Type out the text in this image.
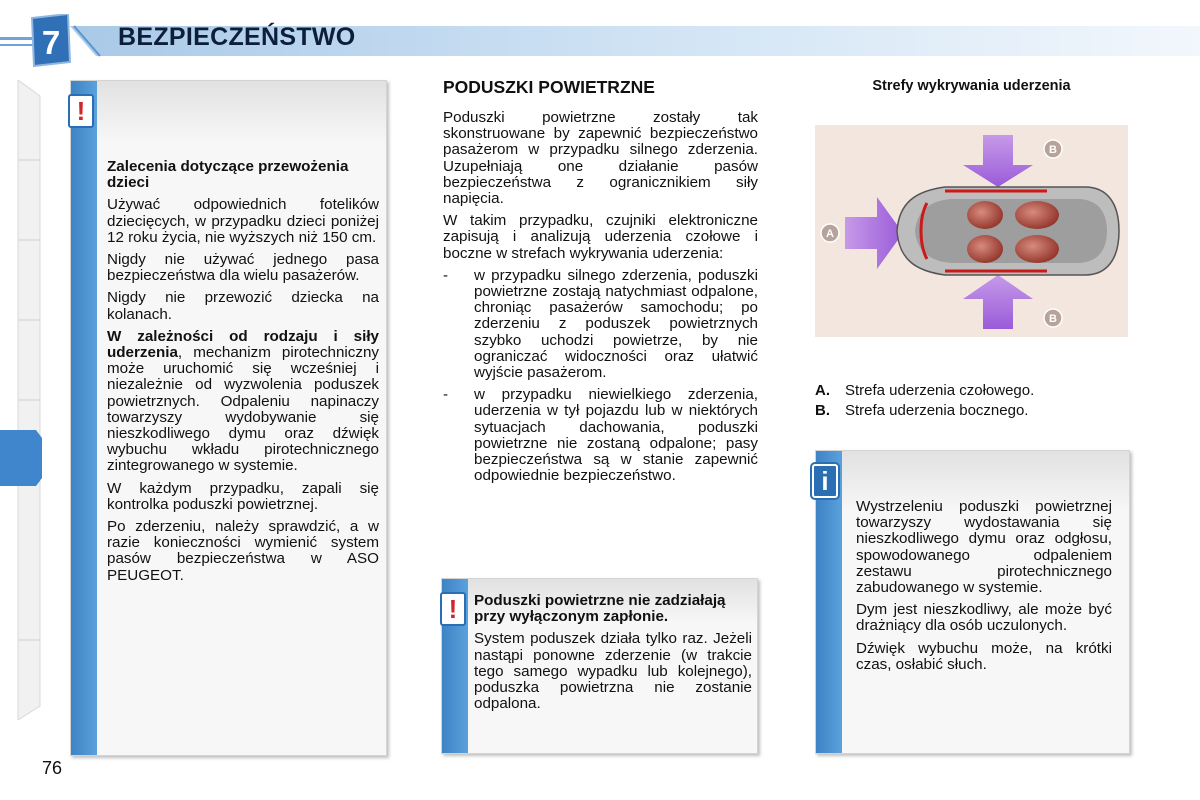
7 BEZPIECZEŃSTWO
76
!

Zalecenia dotyczące przewożenia dzieci

Używać odpowiednich fotelików dziecięcych, w przypadku dzieci poniżej 12 roku życia, nie wyższych niż 150 cm.

Nigdy nie używać jednego pasa bezpieczeństwa dla wielu pasażerów.

Nigdy nie przewozić dziecka na kolanach.

W zależności od rodzaju i siły uderzenia, mechanizm pirotechniczny może uruchomić się wcześniej i niezależnie od wyzwolenia poduszek powietrznych. Odpaleniu napinaczy towarzyszy wydobywanie się nieszkodliwego dymu oraz dźwięk wybuchu wkładu pirotechnicznego zintegrowanego w systemie.

W każdym przypadku, zapali się kontrolka poduszki powietrznej.

Po zderzeniu, należy sprawdzić, a w razie konieczności wymienić system pasów bezpieczeństwa w ASO PEUGEOT.

PODUSZKI POWIETRZNE

Poduszki powietrzne zostały tak skonstruowane by zapewnić bezpieczeństwo pasażerom w przypadku silnego zderzenia. Uzupełniają one działanie pasów bezpieczeństwa z ogranicznikiem siły napięcia.

W takim przypadku, czujniki elektroniczne zapisują i analizują uderzenia czołowe i boczne w strefach wykrywania uderzenia:

- w przypadku silnego zderzenia, poduszki powietrzne zostają natychmiast odpalone, chroniąc pasażerów samochodu; po zderzeniu z poduszek powietrznych szybko uchodzi powietrze, by nie ograniczać widoczności oraz ułatwić wyjście pasażerom.
- w przypadku niewielkiego zderzenia, uderzenia w tył pojazdu lub w niektórych sytuacjach dachowania, poduszki powietrzne nie zostaną odpalone; pasy bezpieczeństwa są w stanie zapewnić odpowiednie bezpieczeństwo.
!	Poduszki powietrzne nie zadziałają przy wyłączonym zapłonie.

System poduszek działa tylko raz. Jeżeli nastąpi ponowne zderzenie (w trakcie tego samego wypadku lub kolejnego), poduszka powietrzna nie zostanie odpalona.

Strefy wykrywania uderzenia
A
B
B
A. Strefa uderzenia czołowego.
B. Strefa uderzenia bocznego.
i

Wystrzeleniu poduszki powietrznej towarzyszy wydostawania się nieszkodliwego dymu oraz odgłosu, spowodowanego odpaleniem zestawu pirotechnicznego zabudowanego w systemie.

Dym jest nieszkodliwy, ale może być drażniący dla osób uczulonych.

Dźwięk wybuchu może, na krótki czas, osłabić słuch.
